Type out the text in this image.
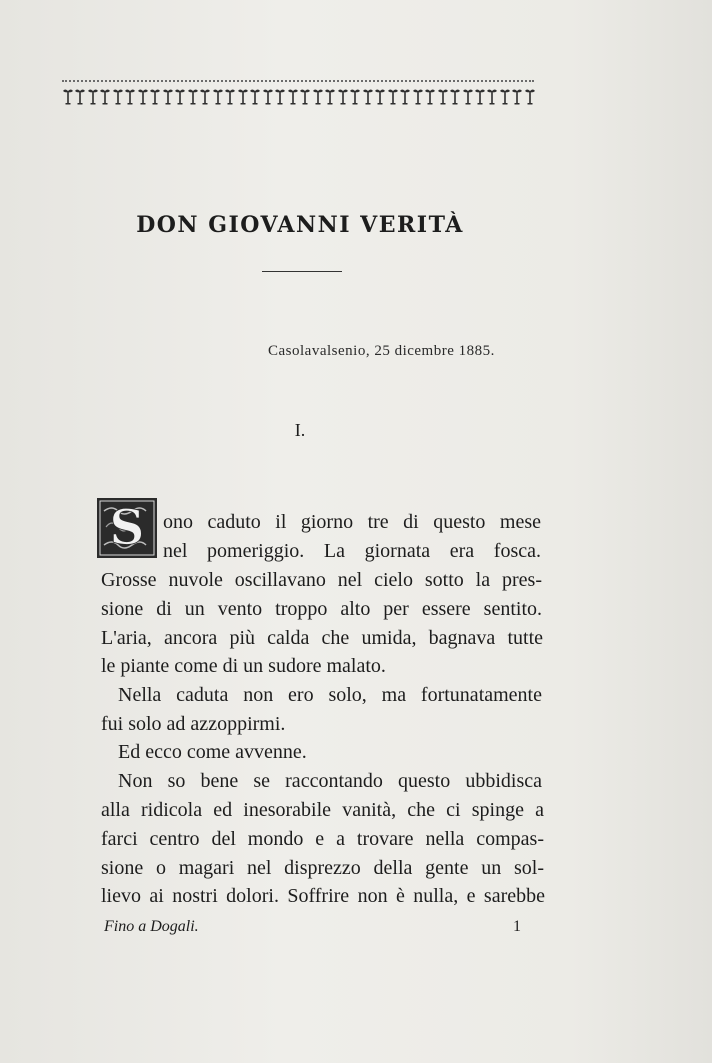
DON GIOVANNI VERITÀ
Casolavalsenio, 25 dicembre 1885.
I.
S ono caduto il giorno tre di questo mese
nel pomeriggio. La giornata era fosca.
Grosse nuvole oscillavano nel cielo sotto la pres-
sione di un vento troppo alto per essere sentito.
L'aria, ancora più calda che umida, bagnava tutte
le piante come di un sudore malato.
Nella caduta non ero solo, ma fortunatamente
fui solo ad azzoppirmi.
Ed ecco come avvenne.
Non so bene se raccontando questo ubbidisca
alla ridicola ed inesorabile vanità, che ci spinge a
farci centro del mondo e a trovare nella compas-
sione o magari nel disprezzo della gente un sol-
lievo ai nostri dolori. Soffrire non è nulla, e sarebbe
Fino a Dogali.	1
